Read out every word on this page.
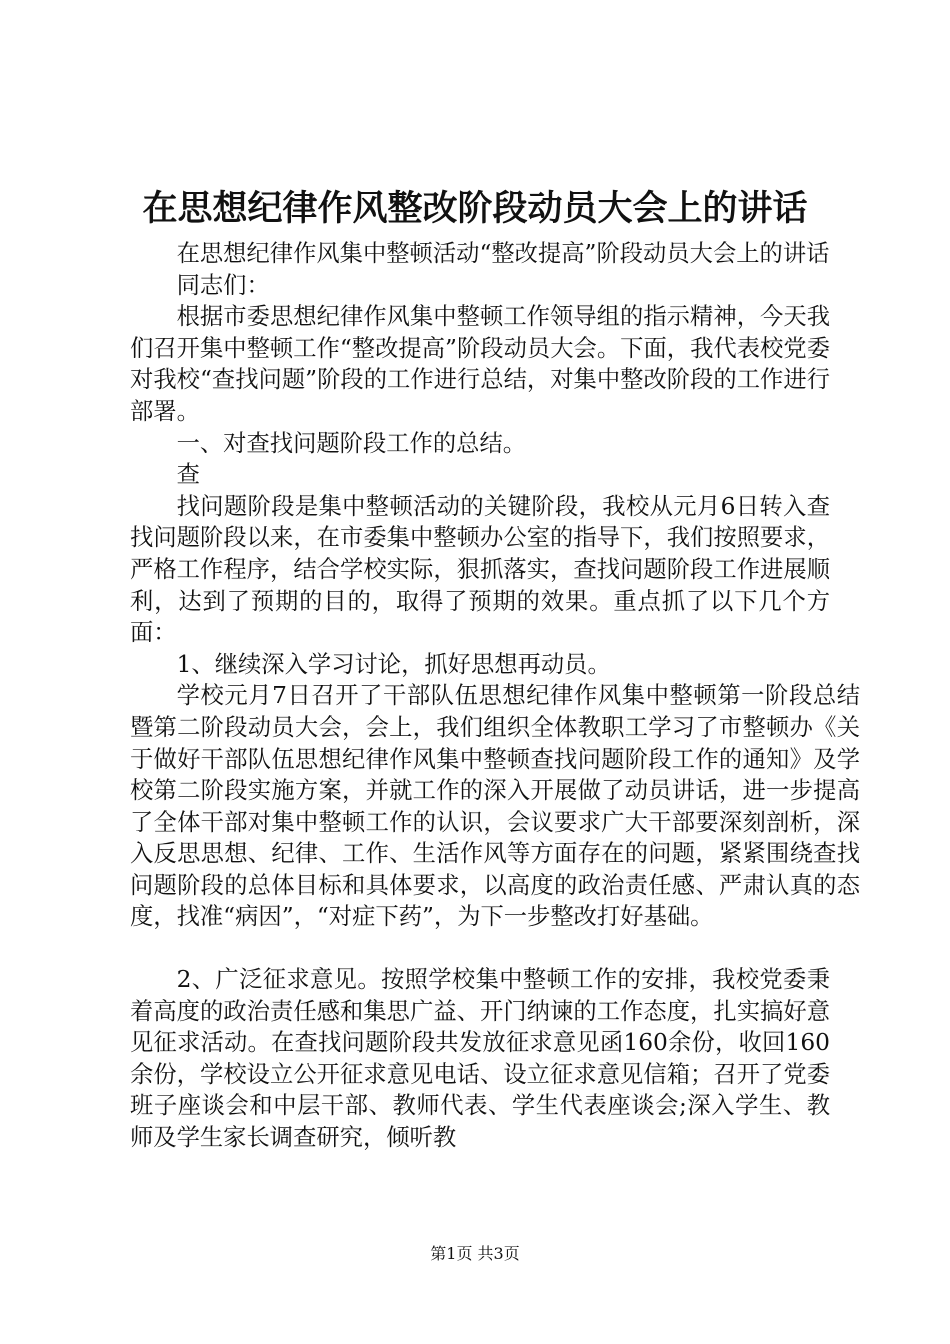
在思想纪律作风整改阶段动员大会上的讲话

在思想纪律作风集中整顿活动“整改提高”阶段动员大会上的讲话

同志们：

根据市委思想纪律作风集中整顿工作领导组的指示精神，今天我们召开集中整顿工作“整改提高”阶段动员大会。下面，我代表校党委对我校“查找问题”阶段的工作进行总结，对集中整改阶段的工作进行部署。

一、对查找问题阶段工作的总结。

查

找问题阶段是集中整顿活动的关键阶段，我校从元月6日转入查找问题阶段以来，在市委集中整顿办公室的指导下，我们按照要求，严格工作程序，结合学校实际，狠抓落实，查找问题阶段工作进展顺利，达到了预期的目的，取得了预期的效果。重点抓了以下几个方面：

1、继续深入学习讨论，抓好思想再动员。

学校元月7日召开了干部队伍思想纪律作风集中整顿第一阶段总结暨第二阶段动员大会，会上，我们组织全体教职工学习了市整顿办《关于做好干部队伍思想纪律作风集中整顿查找问题阶段工作的通知》及学校第二阶段实施方案，并就工作的深入开展做了动员讲话，进一步提高了全体干部对集中整顿工作的认识，会议要求广大干部要深刻剖析，深入反思思想、纪律、工作、生活作风等方面存在的问题，紧紧围绕查找问题阶段的总体目标和具体要求，以高度的政治责任感、严肃认真的态度，找准“病因”，“对症下药”，为下一步整改打好基础。

2、广泛征求意见。按照学校集中整顿工作的安排，我校党委秉着高度的政治责任感和集思广益、开门纳谏的工作态度，扎实搞好意见征求活动。在查找问题阶段共发放征求意见函160余份，收回160余份，学校设立公开征求意见电话、设立征求意见信箱；召开了党委班子座谈会和中层干部、教师代表、学生代表座谈会;深入学生、教师及学生家长调查研究，倾听教

第1页 共3页
